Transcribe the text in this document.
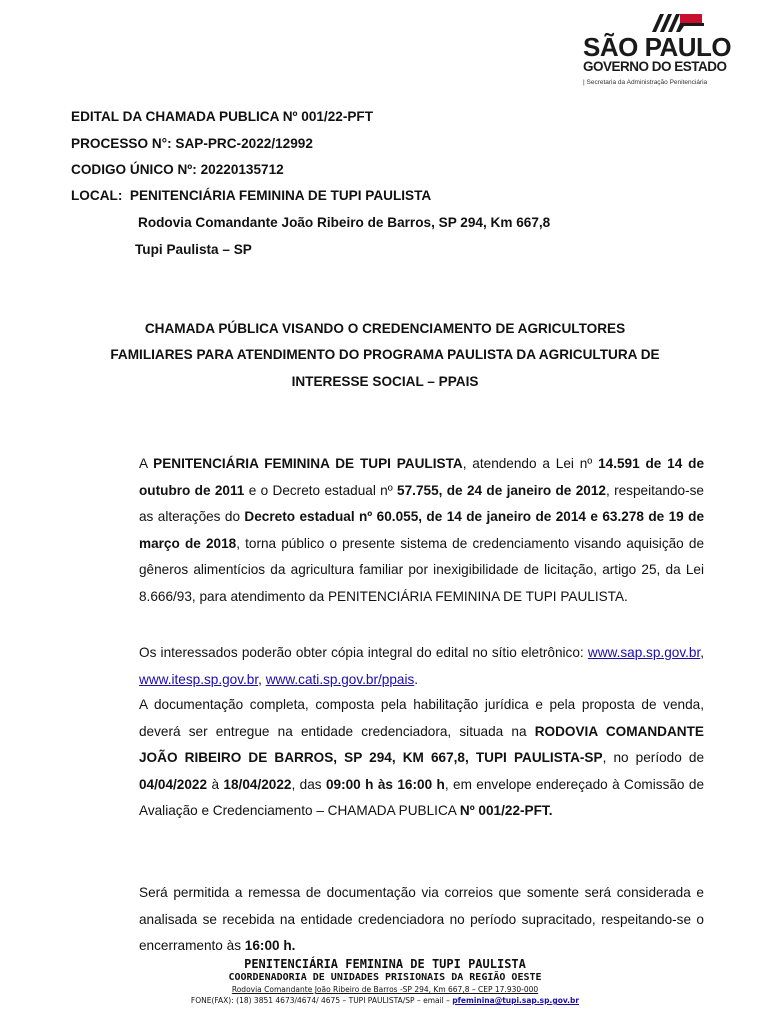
SÃO PAULO
GOVERNO DO ESTADO
| Secretaria da Administração Penitenciária
EDITAL DA CHAMADA PUBLICA Nº 001/22-PFT
PROCESSO N°: SAP-PRC-2022/12992
CODIGO ÚNICO Nº: 20220135712
LOCAL: PENITENCIÁRIA FEMININA DE TUPI PAULISTA
Rodovia Comandante João Ribeiro de Barros, SP 294, Km 667,8
Tupi Paulista – SP
CHAMADA PÚBLICA VISANDO O CREDENCIAMENTO DE AGRICULTORES
FAMILIARES PARA ATENDIMENTO DO PROGRAMA PAULISTA DA AGRICULTURA DE
INTERESSE SOCIAL – PPAIS
A PENITENCIÁRIA FEMININA DE TUPI PAULISTA, atendendo a Lei nº 14.591 de 14 de outubro de 2011 e o Decreto estadual nº 57.755, de 24 de janeiro de 2012, respeitando-se as alterações do Decreto estadual nº 60.055, de 14 de janeiro de 2014 e 63.278 de 19 de março de 2018, torna público o presente sistema de credenciamento visando aquisição de gêneros alimentícios da agricultura familiar por inexigibilidade de licitação, artigo 25, da Lei 8.666/93, para atendimento da PENITENCIÁRIA FEMININA DE TUPI PAULISTA.
Os interessados poderão obter cópia integral do edital no sítio eletrônico: www.sap.sp.gov.br, www.itesp.sp.gov.br, www.cati.sp.gov.br/ppais.
A documentação completa, composta pela habilitação jurídica e pela proposta de venda, deverá ser entregue na entidade credenciadora, situada na RODOVIA COMANDANTE JOÃO RIBEIRO DE BARROS, SP 294, KM 667,8, TUPI PAULISTA-SP, no período de 04/04/2022 à 18/04/2022, das 09:00 h às 16:00 h, em envelope endereçado à Comissão de Avaliação e Credenciamento – CHAMADA PUBLICA Nº 001/22-PFT.
Será permitida a remessa de documentação via correios que somente será considerada e analisada se recebida na entidade credenciadora no período supracitado, respeitando-se o encerramento às 16:00 h.
PENITENCIÁRIA FEMININA DE TUPI PAULISTA
COORDENADORIA DE UNIDADES PRISIONAIS DA REGIÃO OESTE
Rodovia Comandante João Ribeiro de Barros -SP 294, Km 667,8 – CEP 17.930-000
FONE(FAX): (18) 3851 4673/4674/ 4675 – TUPI PAULISTA/SP – email – pfeminina@tupi.sap.sp.gov.br
